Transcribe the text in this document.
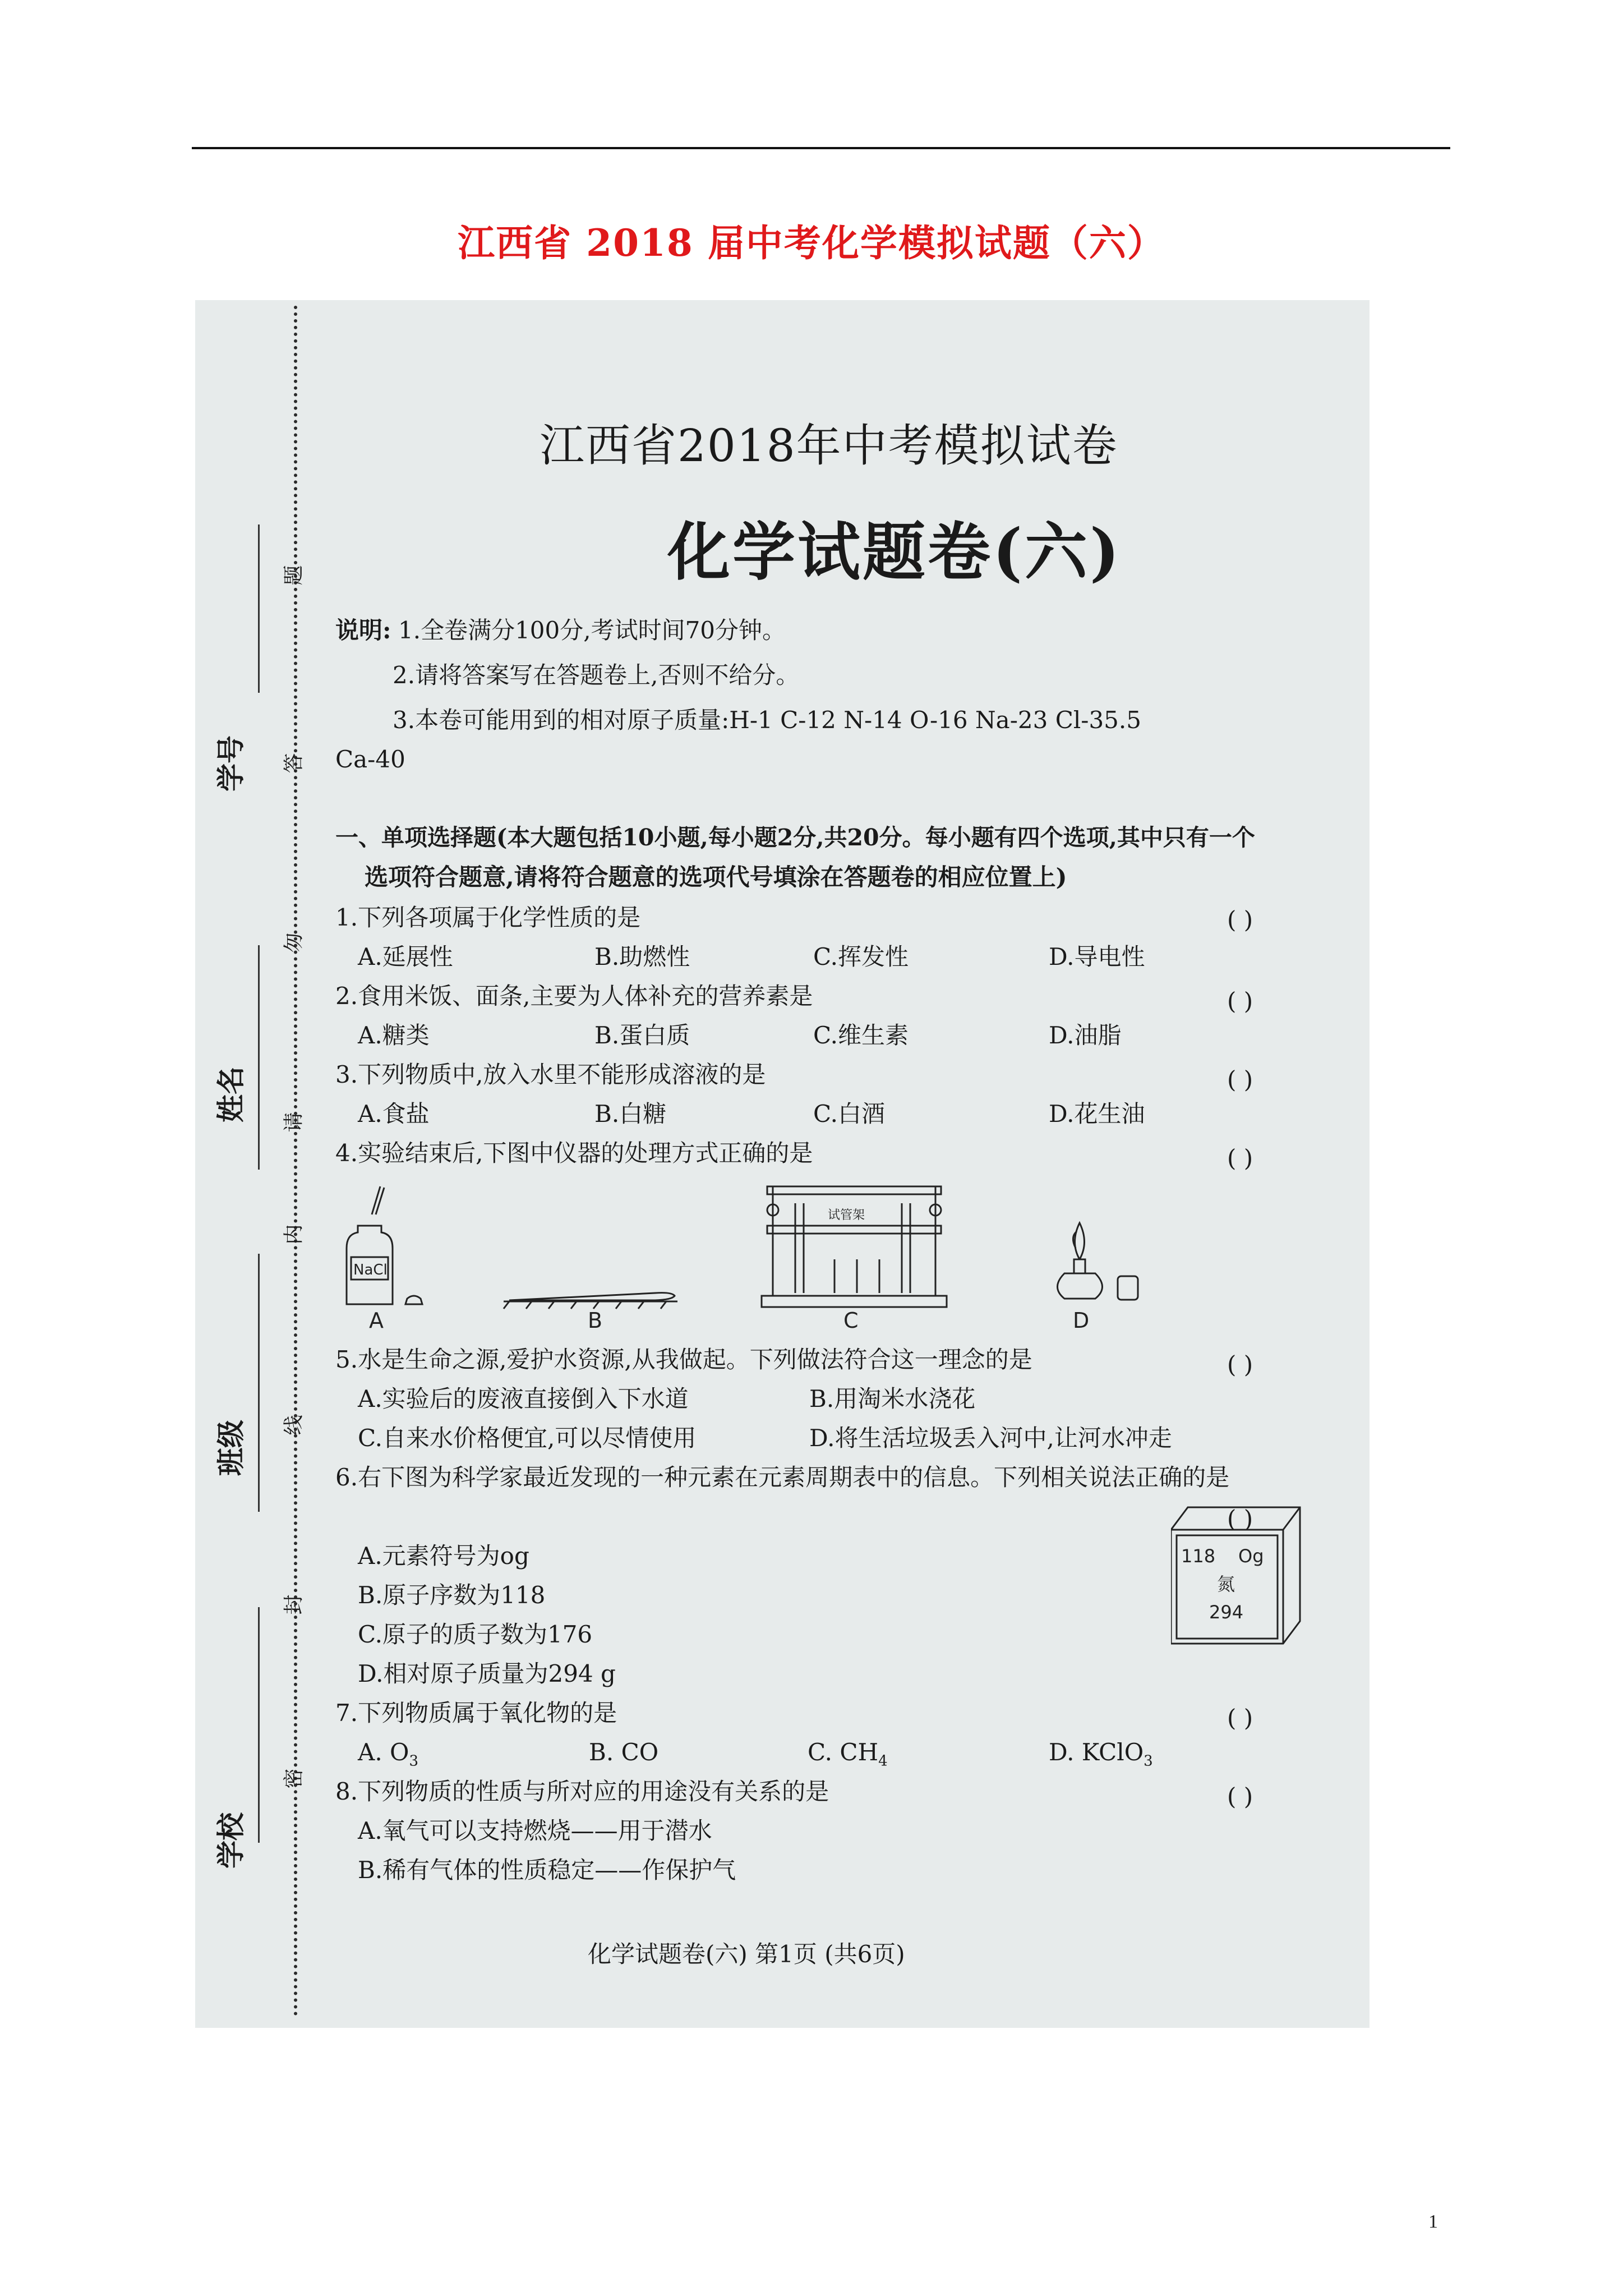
江西省 2018 届中考化学模拟试题（六）
学号
姓名
班级
学校
题
答
勿
请
内
线
封
密
江西省2018年中考模拟试卷
化学试题卷(六)
说明: 1.全卷满分100分,考试时间70分钟。
2.请将答案写在答题卷上,否则不给分。
3.本卷可能用到的相对原子质量:H-1 C-12 N-14 O-16 Na-23 Cl-35.5
Ca-40
一、单项选择题(本大题包括10小题,每小题2分,共20分。每小题有四个选项,其中只有一个
选项符合题意,请将符合题意的选项代号填涂在答题卷的相应位置上)
1.下列各项属于化学性质的是	( )
A.延展性	B.助燃性	C.挥发性	D.导电性
2.食用米饭、面条,主要为人体补充的营养素是	( )
A.糖类	B.蛋白质	C.维生素	D.油脂
3.下列物质中,放入水里不能形成溶液的是	( )
A.食盐	B.白糖	C.白酒	D.花生油
4.实验结束后,下图中仪器的处理方式正确的是	( )
NaCl
A	B
试管架
C	D
5.水是生命之源,爱护水资源,从我做起。下列做法符合这一理念的是	( )
A.实验后的废液直接倒入下水道	B.用淘米水浇花
C.自来水价格便宜,可以尽情使用	D.将生活垃圾丢入河中,让河水冲走
6.右下图为科学家最近发现的一种元素在元素周期表中的信息。下列相关说法正确的是
( )
A.元素符号为og
B.原子序数为118
C.原子的质子数为176
D.相对原子质量为294 g
118 Og
氮
294
7.下列物质属于氧化物的是	( )
A. $O_3$	B. CO	C. $CH_4$	D. KClO$_3$
8.下列物质的性质与所对应的用途没有关系的是	( )
A.氧气可以支持燃烧——用于潜水
B.稀有气体的性质稳定——作保护气
化学试题卷(六) 第1页 (共6页)
1
